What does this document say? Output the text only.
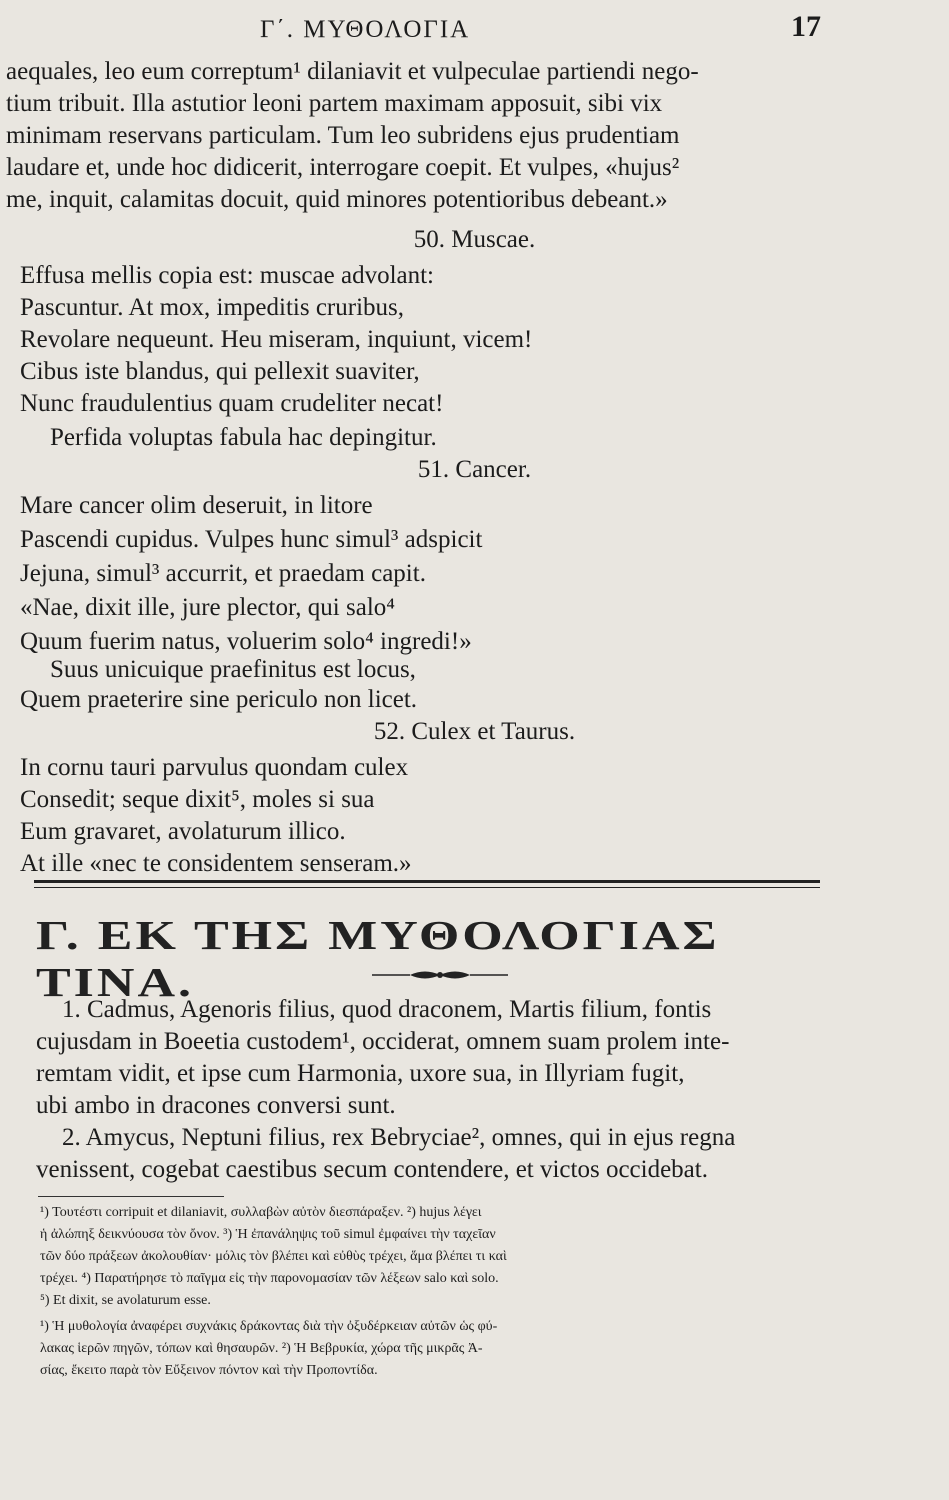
Γ΄. ΜΥΘΟΛΟΓΙΑ	17
aequales, leo eum correptum¹ dilaniavit et vulpeculae partiendi nego-
tium tribuit. Illa astutior leoni partem maximam apposuit, sibi vix
minimam reservans particulam. Tum leo subridens ejus prudentiam
laudare et, unde hoc didicerit, interrogare coepit. Et vulpes, «hujus²
me, inquit, calamitas docuit, quid minores potentioribus debeant.»
50. Muscae.
Effusa mellis copia est: muscae advolant:
Pascuntur. At mox, impeditis cruribus,
Revolare nequeunt. Heu miseram, inquiunt, vicem!
Cibus iste blandus, qui pellexit suaviter,
Nunc fraudulentius quam crudeliter necat!
Perfida voluptas fabula hac depingitur.
51. Cancer.
Mare cancer olim deseruit, in litore
Pascendi cupidus. Vulpes hunc simul³ adspicit
Jejuna, simul³ accurrit, et praedam capit.
«Nae, dixit ille, jure plector, qui salo⁴
Quum fuerim natus, voluerim solo⁴ ingredi!»
Suus unicuique praefinitus est locus,
Quem praeterire sine periculo non licet.
52. Culex et Taurus.
In cornu tauri parvulus quondam culex
Consedit; seque dixit⁵, moles si sua
Eum gravaret, avolaturum illico.
At ille «nec te considentem senseram.»
Γ. ΕΚ ΤΗΣ ΜΥΘΟΛΟΓΙΑΣ ΤΙΝΑ.
1. Cadmus, Agenoris filius, quod draconem, Martis filium, fontis
cujusdam in Boeetia custodem¹, occiderat, omnem suam prolem inte-
remtam vidit, et ipse cum Harmonia, uxore sua, in Illyriam fugit,
ubi ambo in dracones conversi sunt.
2. Amycus, Neptuni filius, rex Bebryciae², omnes, qui in ejus regna
venissent, cogebat caestibus secum contendere, et victos occidebat.
¹) Τουτέστι corripuit et dilaniavit, συλλαβὼν αὐτὸν διεσπάραξεν. ²) hujus λέγει
ἡ ἀλώπηξ δεικνύουσα τὸν ὄνον. ³) Ἡ ἐπανάληψις τοῦ simul ἐμφαίνει τὴν ταχεῖαν
τῶν δύο πράξεων ἀκολουθίαν· μόλις τὸν βλέπει καὶ εὐθὺς τρέχει, ἅμα βλέπει τι καὶ
τρέχει. ⁴) Παρατήρησε τὸ παῖγμα εἰς τὴν παρονομασίαν τῶν λέξεων salo καὶ solo.
⁵) Et dixit, se avolaturum esse.
¹) Ἡ μυθολογία ἀναφέρει συχνάκις δράκοντας διὰ τὴν ὀξυδέρκειαν αὐτῶν ὡς φύ-
λακας ἱερῶν πηγῶν, τόπων καὶ θησαυρῶν. ²) Ἡ Βεβρυκία, χώρα τῆς μικρᾶς Ἀ-
σίας, ἔκειτο παρὰ τὸν Εὔξεινον πόντον καὶ τὴν Προποντίδα.
